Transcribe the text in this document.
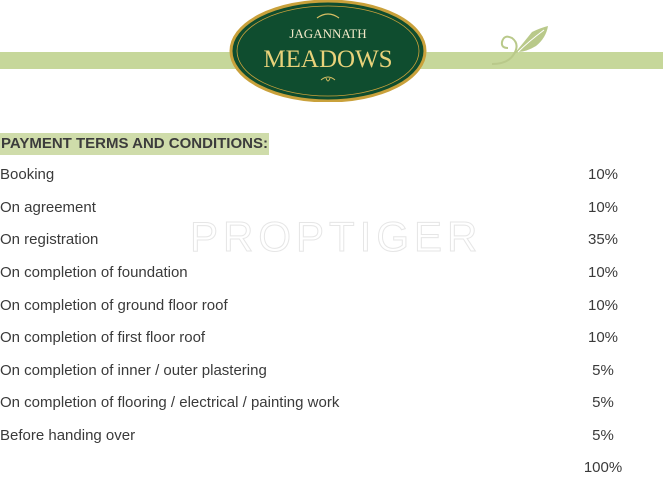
JAGANNATH
MEADOWS
PROPTIGER
PAYMENT TERMS AND CONDITIONS:
Booking	10%
On agreement	10%
On registration	35%
On completion of foundation	10%
On completion of ground floor roof	10%
On completion of first floor roof	10%
On completion of inner / outer plastering	5%
On completion of flooring / electrical / painting work	5%
Before handing over	5%
100%
